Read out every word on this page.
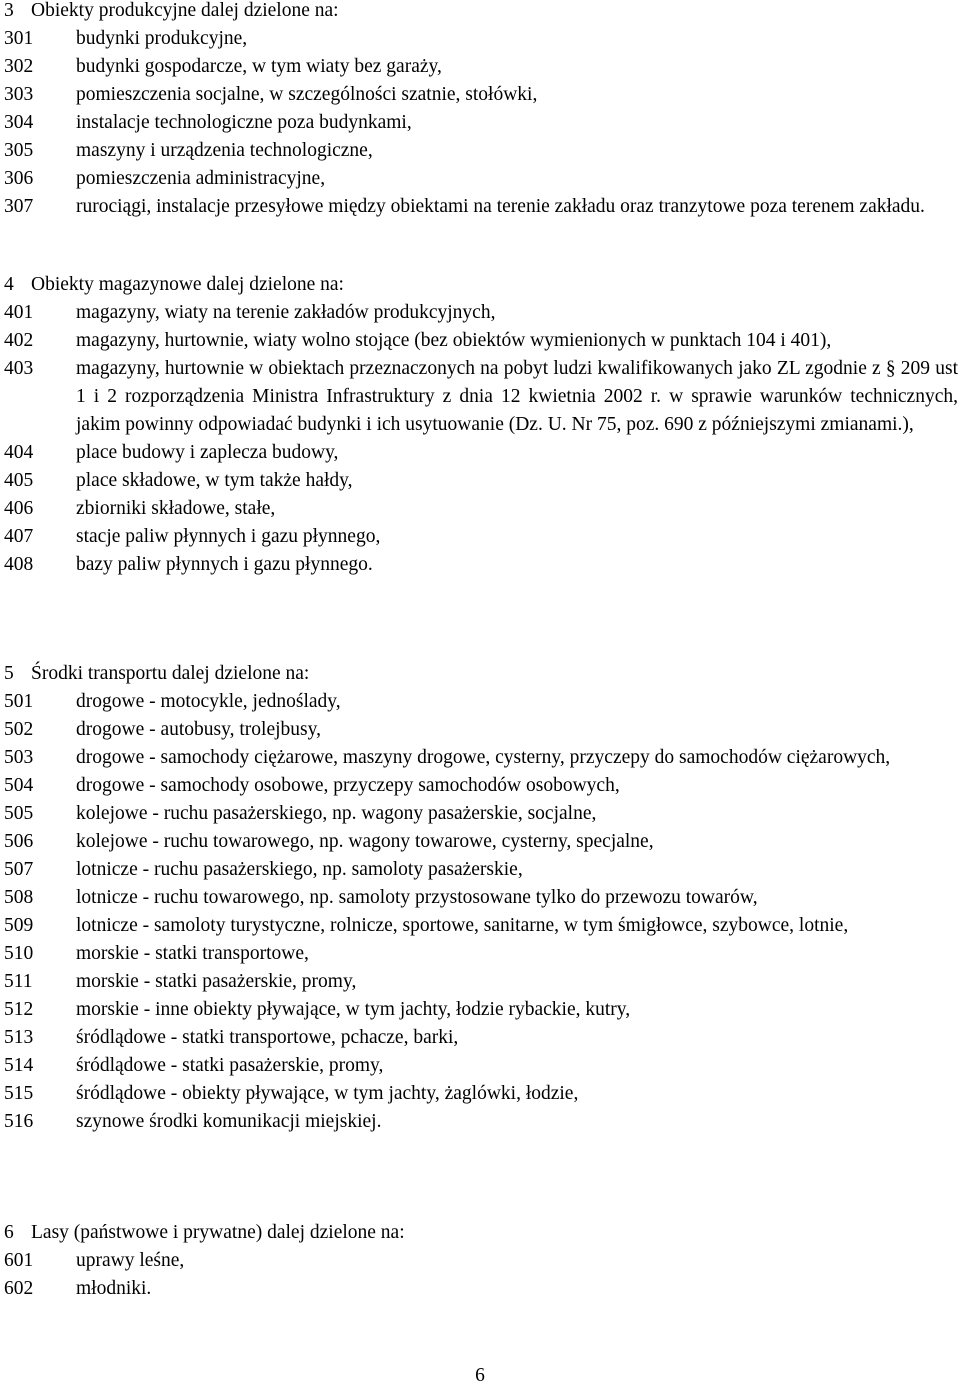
3 Obiekty produkcyjne dalej dzielone na:
301 budynki produkcyjne,
302 budynki gospodarcze, w tym wiaty bez garaży,
303 pomieszczenia socjalne, w szczególności szatnie, stołówki,
304 instalacje technologiczne poza budynkami,
305 maszyny i urządzenia technologiczne,
306 pomieszczenia administracyjne,
307 rurociągi, instalacje przesyłowe między obiektami na terenie zakładu oraz tranzytowe poza terenem zakładu.
4 Obiekty magazynowe dalej dzielone na:
401 magazyny, wiaty na terenie zakładów produkcyjnych,
402 magazyny, hurtownie, wiaty wolno stojące (bez obiektów wymienionych w punktach 104 i 401),
403 magazyny, hurtownie w obiektach przeznaczonych na pobyt ludzi kwalifikowanych jako ZL zgodnie z § 209 ust 1 i 2 rozporządzenia Ministra Infrastruktury z dnia 12 kwietnia 2002 r. w sprawie warunków technicznych, jakim powinny odpowiadać budynki i ich usytuowanie (Dz. U. Nr 75, poz. 690 z późniejszymi zmianami.),
404 place budowy i zaplecza budowy,
405 place składowe, w tym także hałdy,
406 zbiorniki składowe, stałe,
407 stacje paliw płynnych i gazu płynnego,
408 bazy paliw płynnych i gazu płynnego.
5 Środki transportu dalej dzielone na:
501 drogowe - motocykle, jednoślady,
502 drogowe - autobusy, trolejbusy,
503 drogowe - samochody ciężarowe, maszyny drogowe, cysterny, przyczepy do samochodów ciężarowych,
504 drogowe - samochody osobowe, przyczepy samochodów osobowych,
505 kolejowe - ruchu pasażerskiego, np. wagony pasażerskie, socjalne,
506 kolejowe - ruchu towarowego, np. wagony towarowe, cysterny, specjalne,
507 lotnicze - ruchu pasażerskiego, np. samoloty pasażerskie,
508 lotnicze - ruchu towarowego, np. samoloty przystosowane tylko do przewozu towarów,
509 lotnicze - samoloty turystyczne, rolnicze, sportowe, sanitarne, w tym śmigłowce, szybowce, lotnie,
510 morskie - statki transportowe,
511 morskie - statki pasażerskie, promy,
512 morskie - inne obiekty pływające, w tym jachty, łodzie rybackie, kutry,
513 śródlądowe - statki transportowe, pchacze, barki,
514 śródlądowe - statki pasażerskie, promy,
515 śródlądowe - obiekty pływające, w tym jachty, żaglówki, łodzie,
516 szynowe środki komunikacji miejskiej.
6 Lasy (państwowe i prywatne) dalej dzielone na:
601 uprawy leśne,
602 młodniki.
6
